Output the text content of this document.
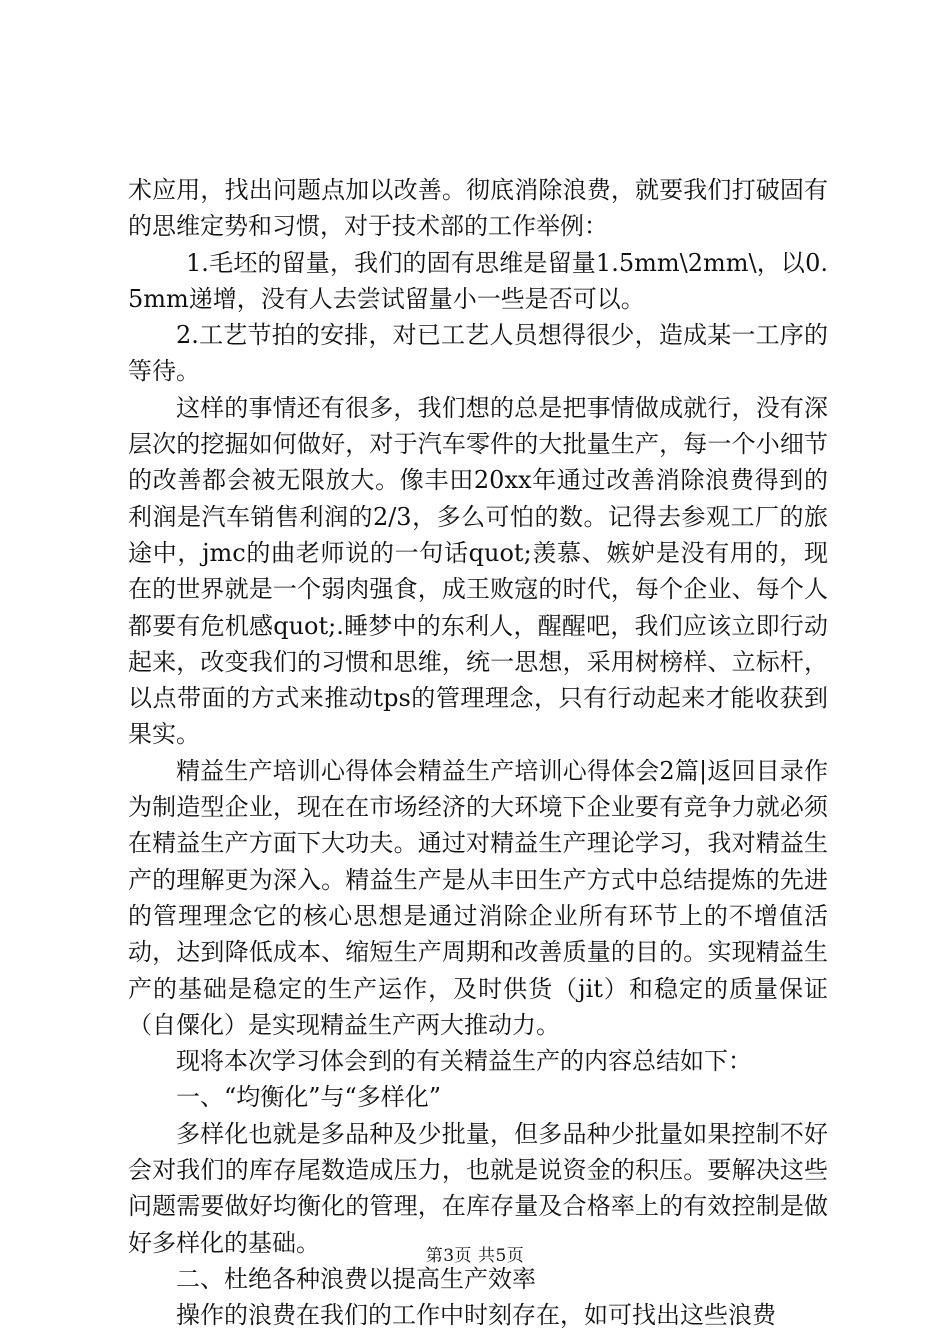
术应用，找出问题点加以改善。彻底消除浪费，就要我们打破固有的思维定势和习惯，对于技术部的工作举例：

1.毛坯的留量，我们的固有思维是留量1.5mm\2mm\，以0.5mm递增，没有人去尝试留量小一些是否可以。

2.工艺节拍的安排，对已工艺人员想得很少，造成某一工序的等待。

这样的事情还有很多，我们想的总是把事情做成就行，没有深层次的挖掘如何做好，对于汽车零件的大批量生产，每一个小细节的改善都会被无限放大。像丰田20xx年通过改善消除浪费得到的利润是汽车销售利润的2/3，多么可怕的数。记得去参观工厂的旅途中，jmc的曲老师说的一句话quot;羡慕、嫉妒是没有用的，现在的世界就是一个弱肉强食，成王败寇的时代，每个企业、每个人都要有危机感quot;.睡梦中的东利人，醒醒吧，我们应该立即行动起来，改变我们的习惯和思维，统一思想，采用树榜样、立标杆，以点带面的方式来推动tps的管理理念，只有行动起来才能收获到果实。

精益生产培训心得体会精益生产培训心得体会2篇|返回目录作为制造型企业，现在在市场经济的大环境下企业要有竞争力就必须在精益生产方面下大功夫。通过对精益生产理论学习，我对精益生产的理解更为深入。精益生产是从丰田生产方式中总结提炼的先进的管理理念它的核心思想是通过消除企业所有环节上的不增值活动，达到降低成本、缩短生产周期和改善质量的目的。实现精益生产的基础是稳定的生产运作，及时供货（jit）和稳定的质量保证（自僳化）是实现精益生产两大推动力。

现将本次学习体会到的有关精益生产的内容总结如下：

一、“均衡化”与“多样化”

多样化也就是多品种及少批量，但多品种少批量如果控制不好会对我们的库存尾数造成压力，也就是说资金的积压。要解决这些问题需要做好均衡化的管理，在库存量及合格率上的有效控制是做好多样化的基础。

二、杜绝各种浪费以提高生产效率

操作的浪费在我们的工作中时刻存在，如可找出这些浪费

第3页 共5页
